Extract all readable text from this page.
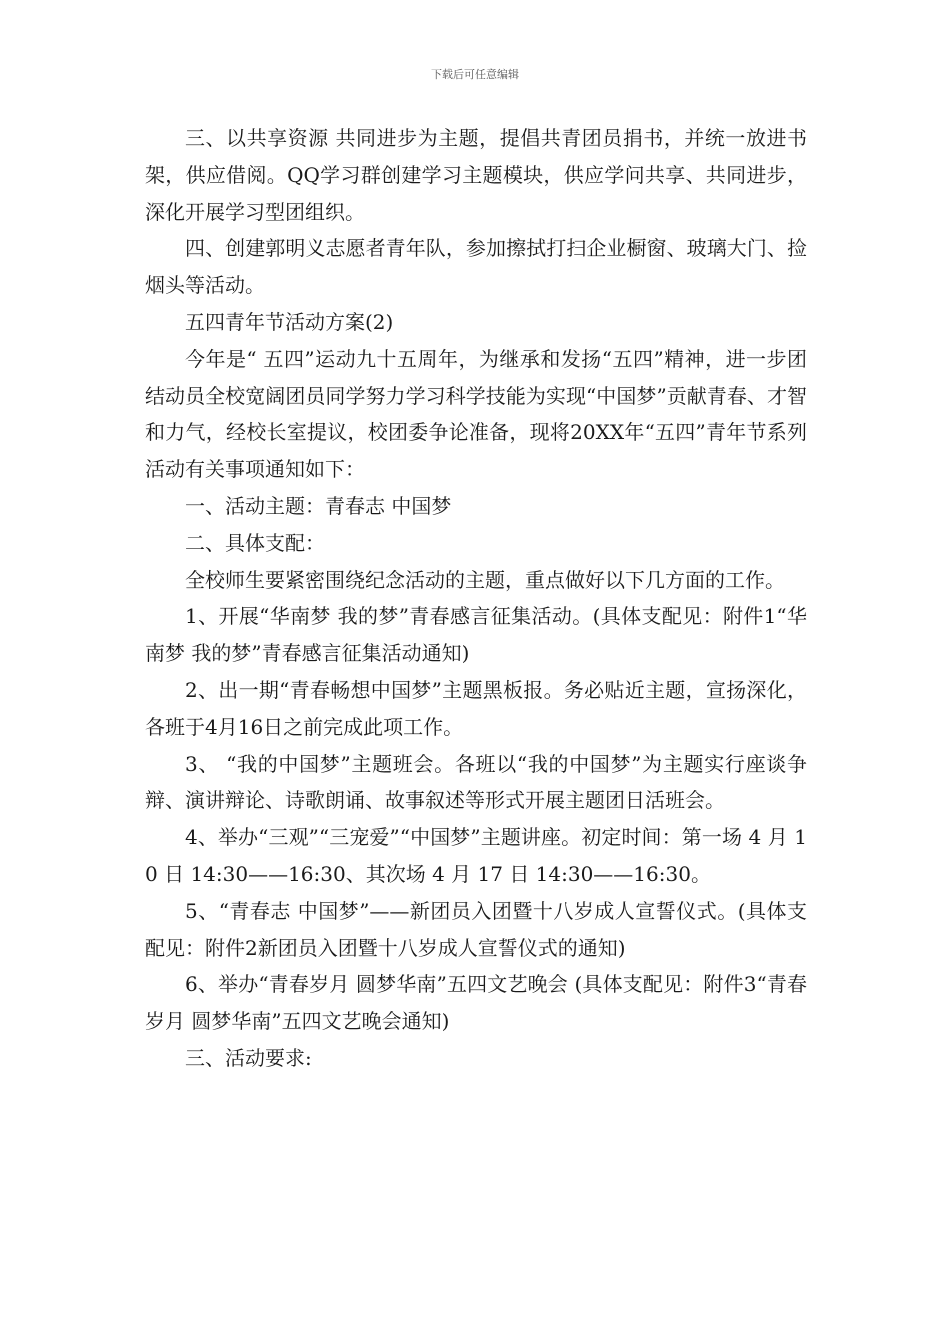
下载后可任意编辑

三、以共享资源 共同进步为主题，提倡共青团员捐书，并统一放进书架，供应借阅。QQ学习群创建学习主题模块，供应学问共享、共同进步，深化开展学习型团组织。

四、创建郭明义志愿者青年队，参加擦拭打扫企业橱窗、玻璃大门、捡烟头等活动。

五四青年节活动方案(2)

今年是“ 五四”运动九十五周年，为继承和发扬“五四”精神，进一步团结动员全校宽阔团员同学努力学习科学技能为实现“中国梦”贡献青春、才智和力气，经校长室提议，校团委争论准备，现将20XX年“五四”青年节系列活动有关事项通知如下：

一、活动主题：青春志 中国梦

二、具体支配：

全校师生要紧密围绕纪念活动的主题，重点做好以下几方面的工作。

1、开展“华南梦 我的梦”青春感言征集活动。(具体支配见：附件1“华南梦 我的梦”青春感言征集活动通知)

2、出一期“青春畅想中国梦”主题黑板报。务必贴近主题，宣扬深化，各班于4月16日之前完成此项工作。

3、 “我的中国梦”主题班会。各班以“我的中国梦”为主题实行座谈争辩、演讲辩论、诗歌朗诵、故事叙述等形式开展主题团日活班会。

4、举办“三观”“三宠爱”“中国梦”主题讲座。初定时间：第一场 4 月 10 日 14:30——16:30、其次场 4 月 17 日 14:30——16:30。

5、“青春志 中国梦”——新团员入团暨十八岁成人宣誓仪式。(具体支配见：附件2新团员入团暨十八岁成人宣誓仪式的通知)

6、举办“青春岁月 圆梦华南”五四文艺晚会 (具体支配见：附件3“青春岁月 圆梦华南”五四文艺晚会通知)

三、活动要求:
